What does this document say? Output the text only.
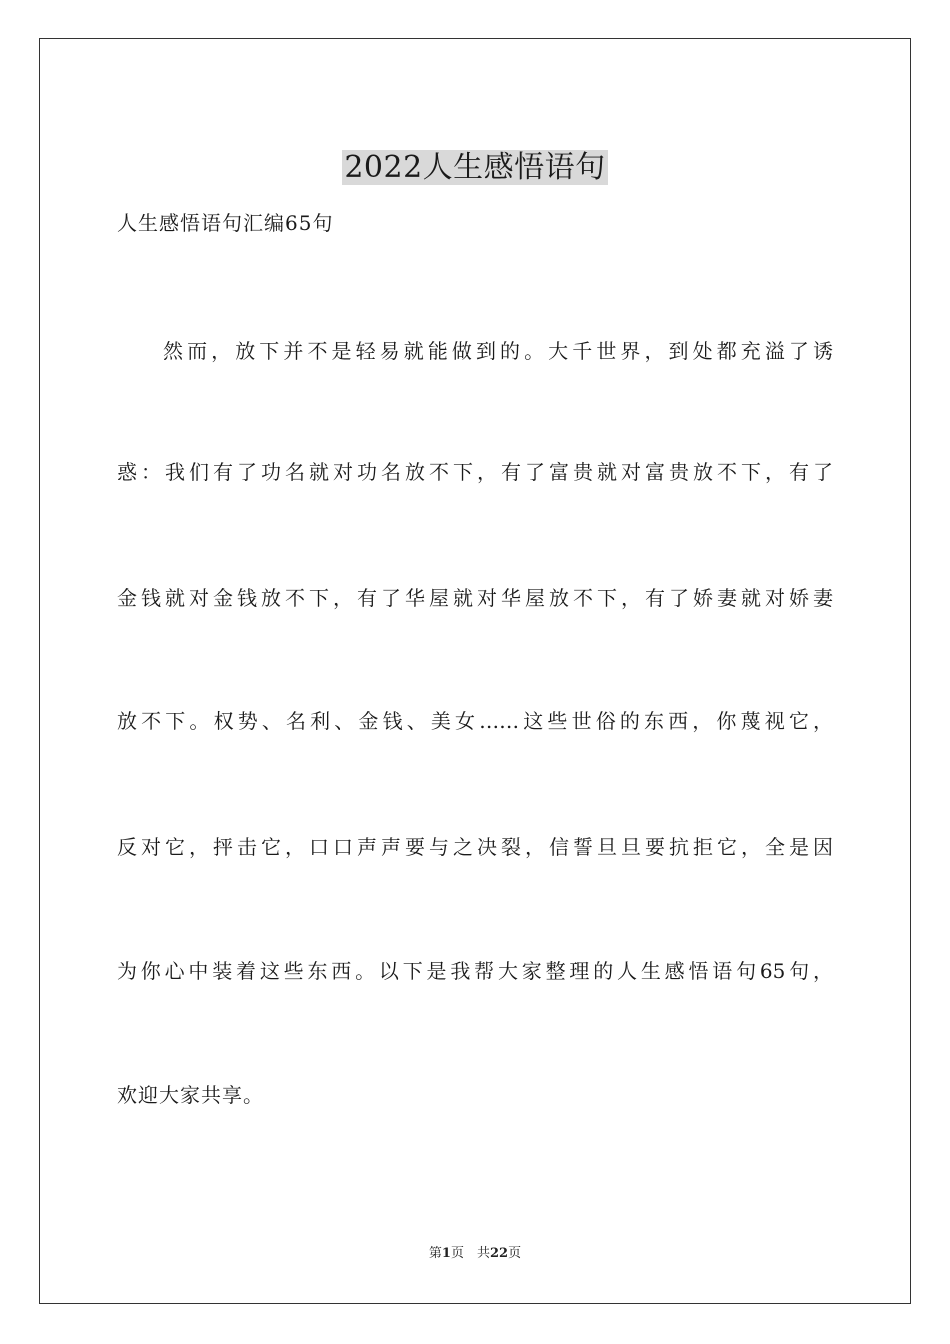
2022人生感悟语句
人生感悟语句汇编65句
然而，放下并不是轻易就能做到的。大千世界，到处都充溢了诱
惑：我们有了功名就对功名放不下，有了富贵就对富贵放不下，有了
金钱就对金钱放不下，有了华屋就对华屋放不下，有了娇妻就对娇妻
放不下。权势、名利、金钱、美女……这些世俗的东西，你蔑视它，
反对它，抨击它，口口声声要与之决裂，信誓旦旦要抗拒它，全是因
为你心中装着这些东西。以下是我帮大家整理的人生感悟语句65句，
欢迎大家共享。
第1页　共22页
